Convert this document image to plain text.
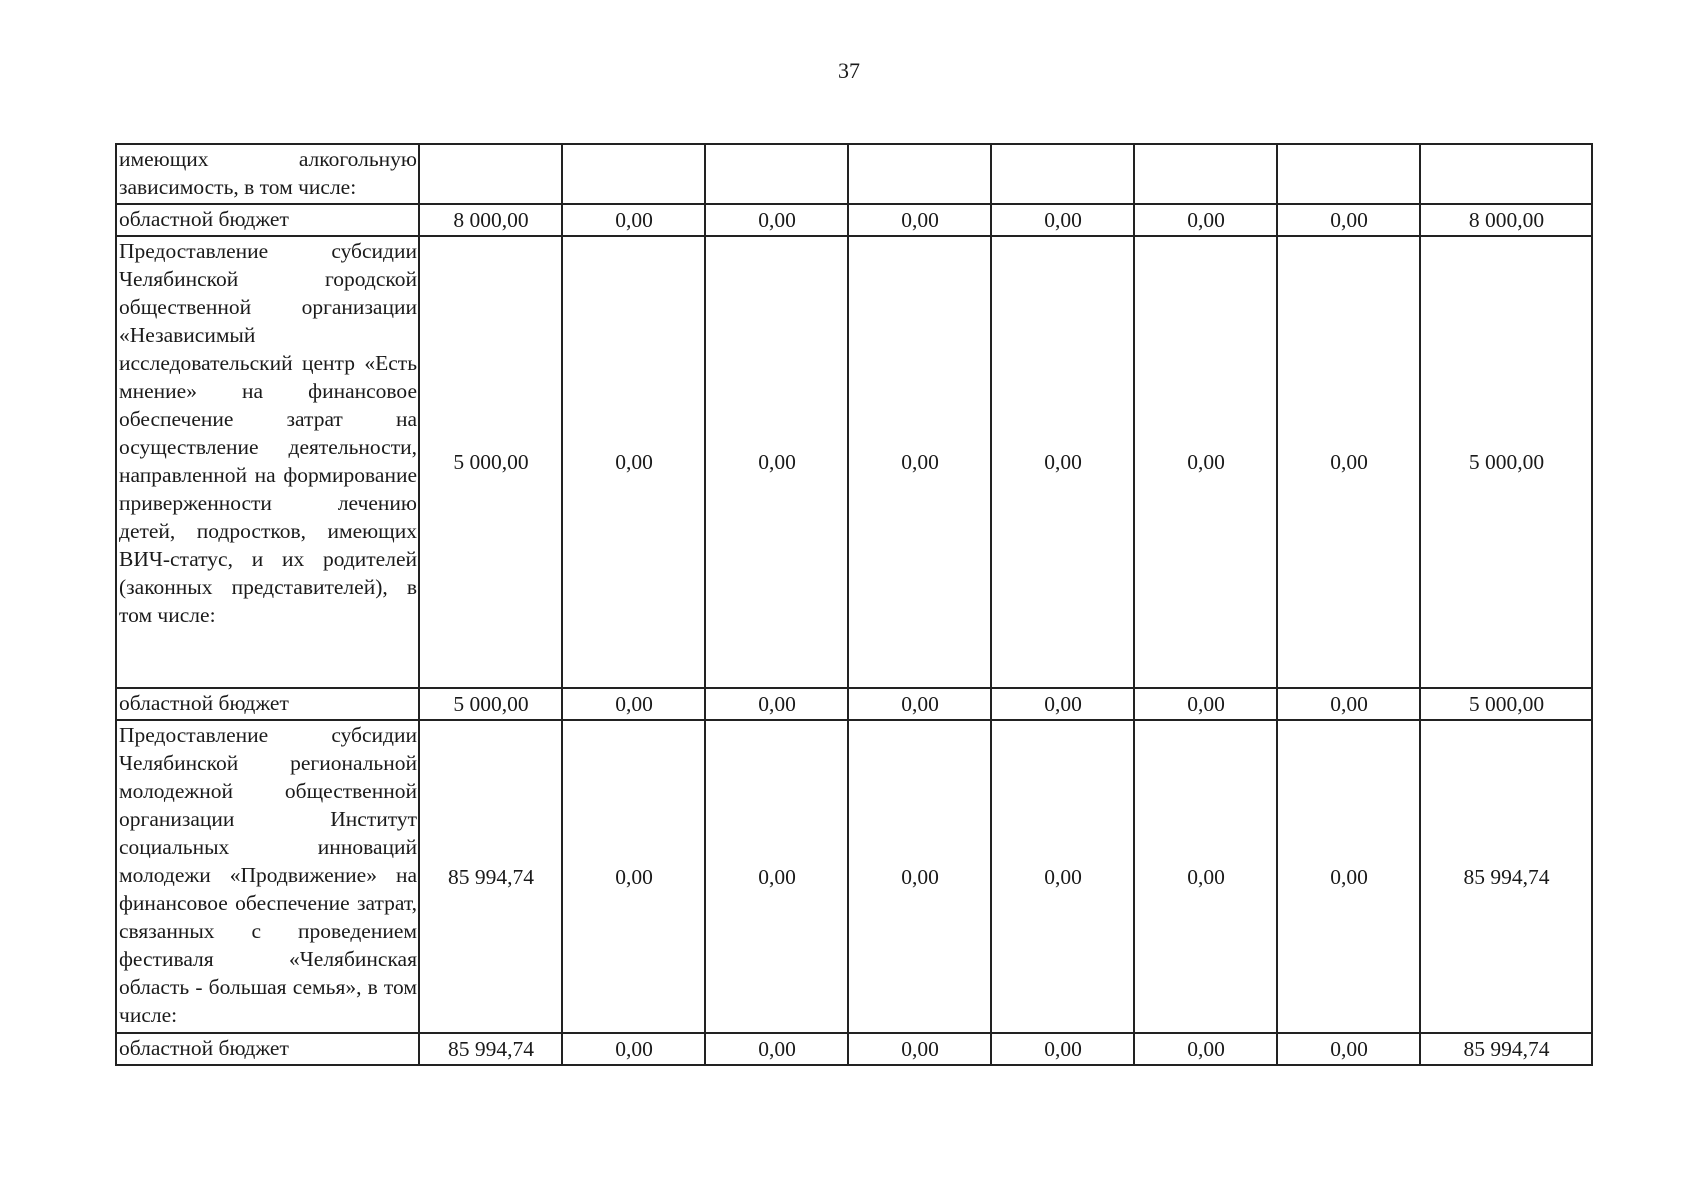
37
имеющих алкогольную зависимость, в том числе:								
областной бюджет	8 000,00	0,00	0,00	0,00	0,00	0,00	0,00	8 000,00
Предоставление субсидии Челябинской городской общественной организации «Независимый исследовательский центр «Есть мнение» на финансовое обеспечение затрат на осуществление деятельности, направленной на формирование приверженности лечению детей, подростков, имеющих ВИЧ-статус, и их родителей (законных представителей), в том числе:	5 000,00	0,00	0,00	0,00	0,00	0,00	0,00	5 000,00
областной бюджет	5 000,00	0,00	0,00	0,00	0,00	0,00	0,00	5 000,00
Предоставление субсидии Челябинской региональной молодежной общественной организации Институт социальных инноваций молодежи «Продвижение» на финансовое обеспечение затрат, связанных с проведением фестиваля «Челябинская область - большая семья», в том числе:	85 994,74	0,00	0,00	0,00	0,00	0,00	0,00	85 994,74
областной бюджет	85 994,74	0,00	0,00	0,00	0,00	0,00	0,00	85 994,74
